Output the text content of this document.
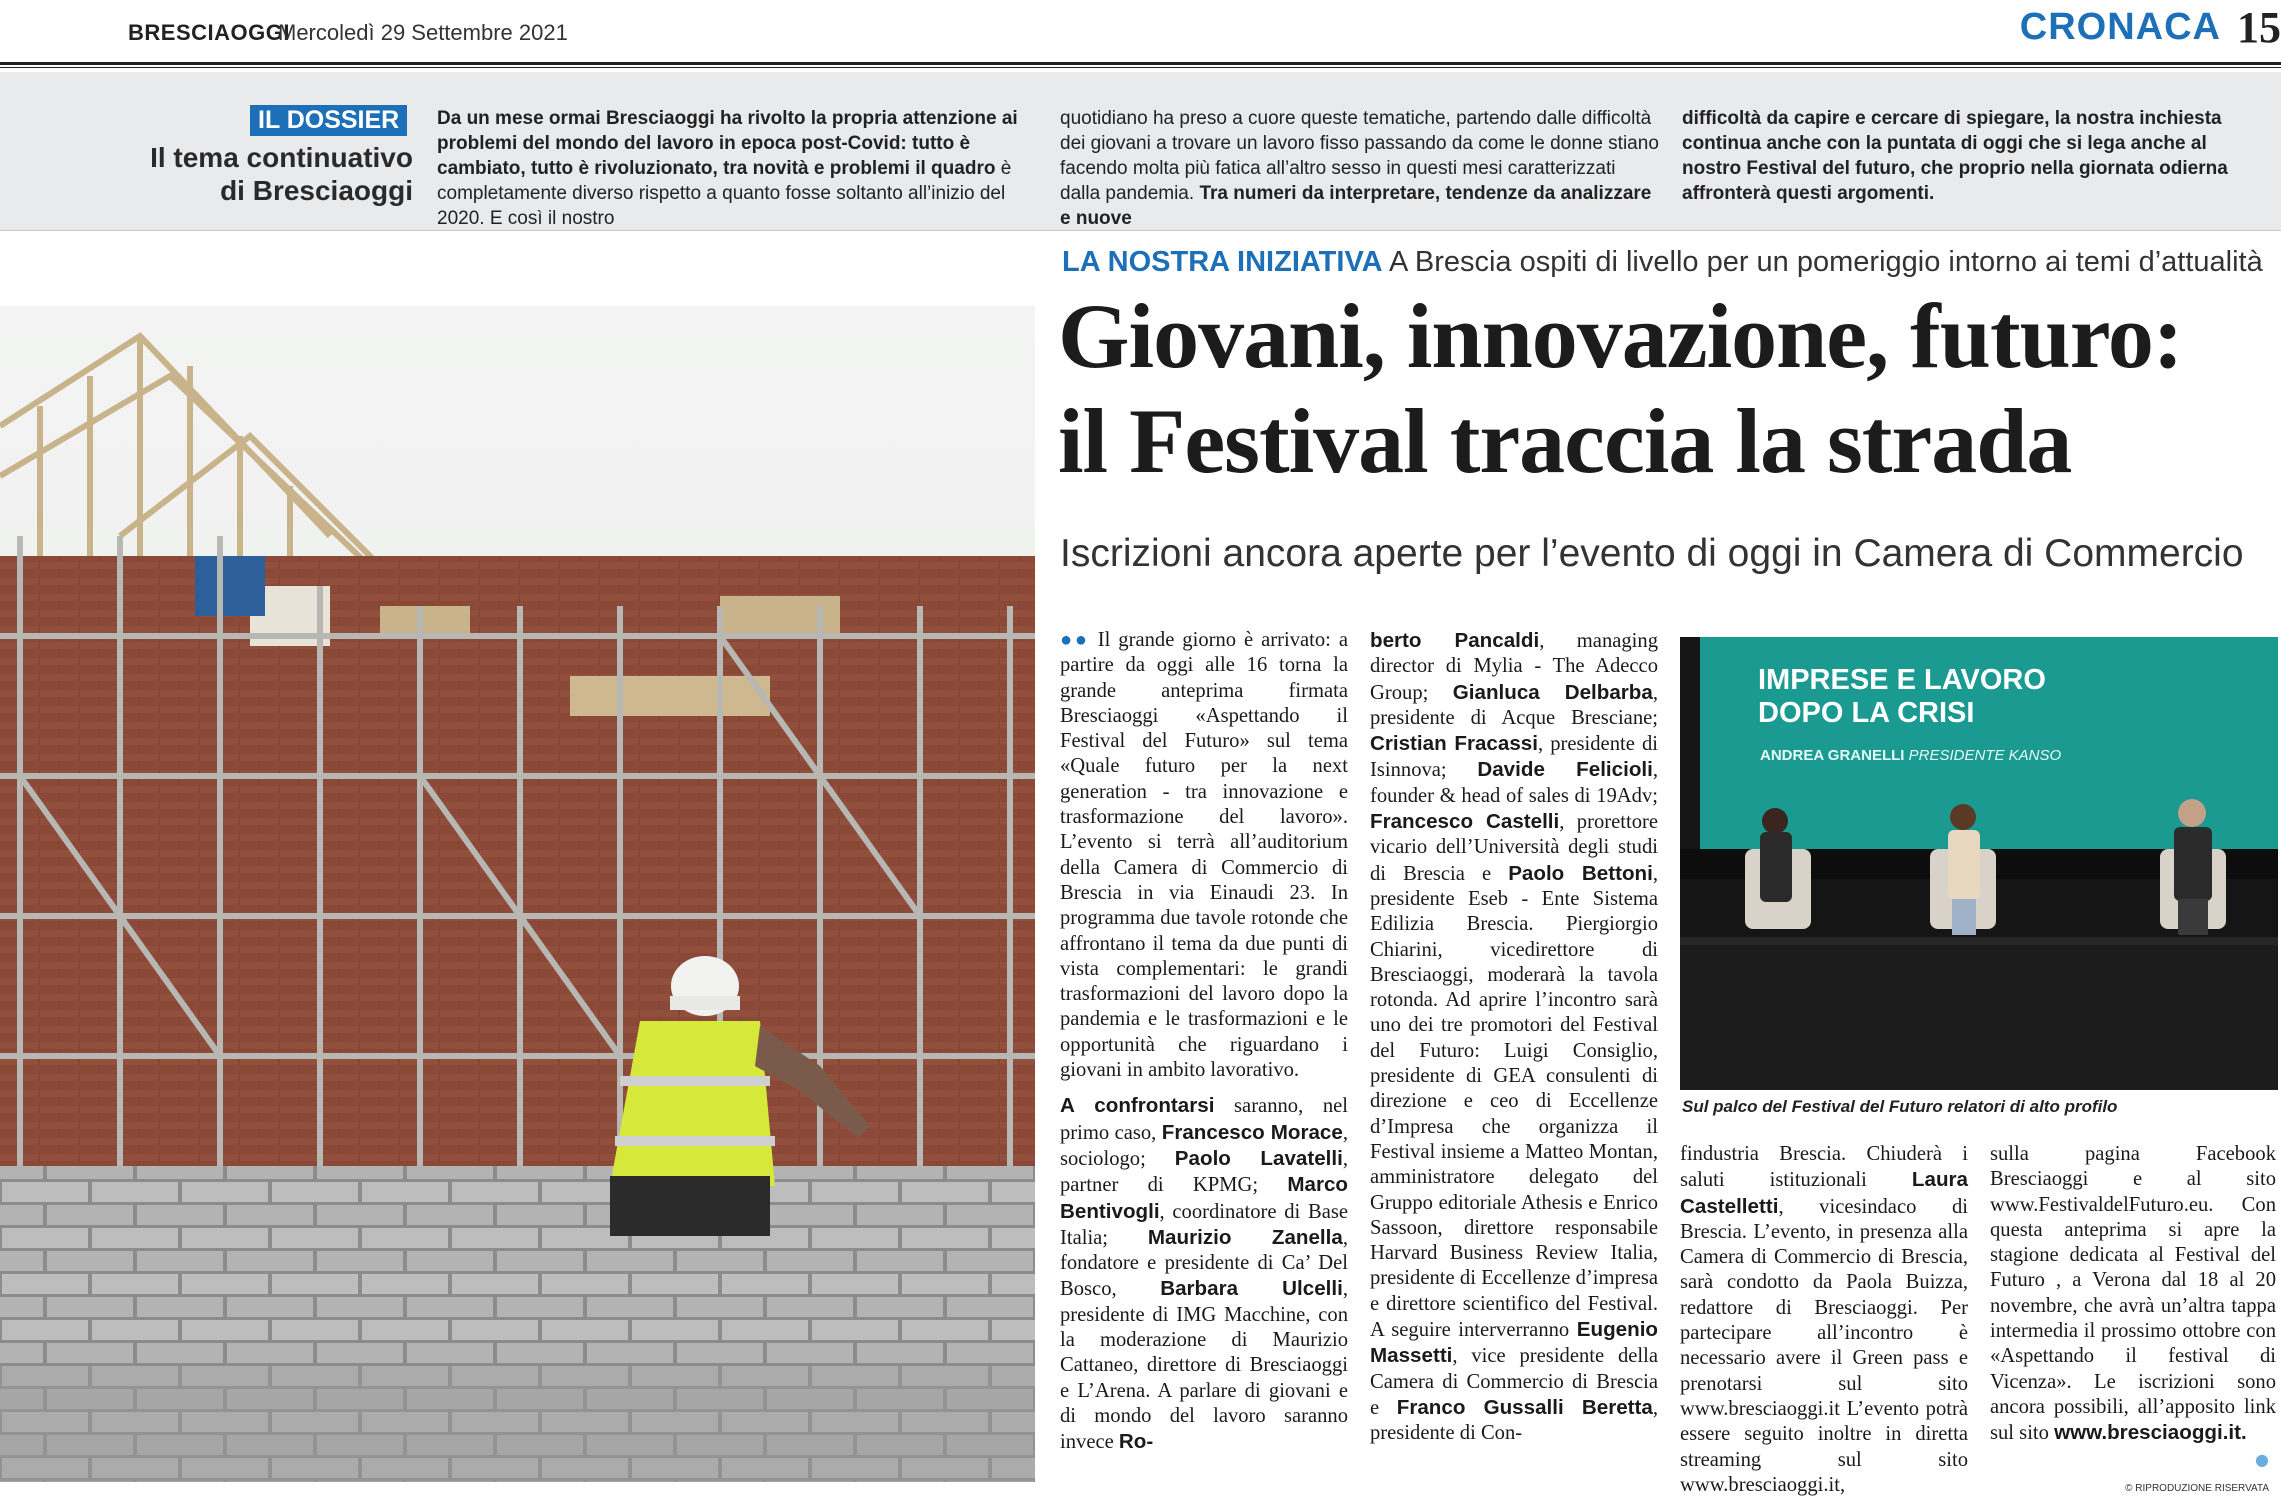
BRESCIAOGGI
Mercoledì 29 Settembre 2021	CRONACA 15
IL DOSSIER
Il tema continuativo
di Bresciaoggi
Da un mese ormai Bresciaoggi ha rivolto la propria attenzione ai problemi del mondo del lavoro in epoca post-Covid: tutto è cambiato, tutto è rivoluzionato, tra novità e problemi il quadro è completamente diverso rispetto a quanto fosse soltanto all’inizio del 2020. E così il nostro
quotidiano ha preso a cuore queste tematiche, partendo dalle difficoltà dei giovani a trovare un lavoro fisso passando da come le donne stiano facendo molta più fatica all’altro sesso in questi mesi caratterizzati dalla pandemia. Tra numeri da interpretare, tendenze da analizzare e nuove
difficoltà da capire e cercare di spiegare, la nostra inchiesta continua anche con la puntata di oggi che si lega anche al nostro Festival del futuro, che proprio nella giornata odierna affronterà questi argomenti.
LA NOSTRA INIZIATIVA A Brescia ospiti di livello per un pomeriggio intorno ai temi d’attualità
Giovani, innovazione, futuro:
il Festival traccia la strada
Iscrizioni ancora aperte per l’evento di oggi in Camera di Commercio

●● Il grande giorno è arrivato: a partire da oggi alle 16 torna la grande anteprima firmata Bresciaoggi «Aspettando il Festival del Futuro» sul tema «Quale futuro per la next generation - tra innovazione e trasformazione del lavoro». L’evento si terrà all’auditorium della Camera di Commercio di Brescia in via Einaudi 23. In programma due tavole rotonde che affrontano il tema da due punti di vista complementari: le grandi trasformazioni del lavoro dopo la pandemia e le trasformazioni e le opportunità che riguardano i giovani in ambito lavorativo.

A confrontarsi saranno, nel primo caso, Francesco Morace, sociologo; Paolo Lavatelli, partner di KPMG; Marco Bentivogli, coordinatore di Base Italia; Maurizio Zanella, fondatore e presidente di Ca’ Del Bosco, Barbara Ulcelli, presidente di IMG Macchine, con la moderazione di Maurizio Cattaneo, direttore di Bresciaoggi e L’Arena. A parlare di giovani e di mondo del lavoro saranno invece Ro-

berto Pancaldi, managing director di Mylia - The Adecco Group; Gianluca Delbarba, presidente di Acque Bresciane; Cristian Fracassi, presidente di Isinnova; Davide Felicioli, founder & head of sales di 19Adv; Francesco Castelli, prorettore vicario dell’Università degli studi di Brescia e Paolo Bettoni, presidente Eseb - Ente Sistema Edilizia Brescia. Piergiorgio Chiarini, vicedirettore di Bresciaoggi, moderarà la tavola rotonda. Ad aprire l’incontro sarà uno dei tre promotori del Festival del Futuro: Luigi Consiglio, presidente di GEA consulenti di direzione e ceo di Eccellenze d’Impresa che organizza il Festival insieme a Matteo Montan, amministratore delegato del Gruppo editoriale Athesis e Enrico Sassoon, direttore responsabile Harvard Business Review Italia, presidente di Eccellenze d’impresa e direttore scientifico del Festival. A seguire interverranno Eugenio Massetti, vice presidente della Camera di Commercio di Brescia e Franco Gussalli Beretta, presidente di Con-

IMPRESE E LAVORO
DOPO LA CRISI
ANDREA GRANELLI PRESIDENTE KANSO
Sul palco del Festival del Futuro relatori di alto profilo

findustria Brescia. Chiuderà i saluti istituzionali Laura Castelletti, vicesindaco di Brescia. L’evento, in presenza alla Camera di Commercio di Brescia, sarà condotto da Paola Buizza, redattore di Bresciaoggi. Per partecipare all’incontro è necessario avere il Green pass e prenotarsi sul sito www.bresciaoggi.it L’evento potrà essere seguito inoltre in diretta streaming sul sito www.bresciaoggi.it,

sulla pagina Facebook Bresciaoggi e al sito www.FestivaldelFuturo.eu. Con questa anteprima si apre la stagione dedicata al Festival del Futuro , a Verona dal 18 al 20 novembre, che avrà un’altra tappa intermedia il prossimo ottobre con «Aspettando il festival di Vicenza». Le iscrizioni sono ancora possibili, all’apposito link sul sito www.bresciaoggi.it.

●
© RIPRODUZIONE RISERVATA
